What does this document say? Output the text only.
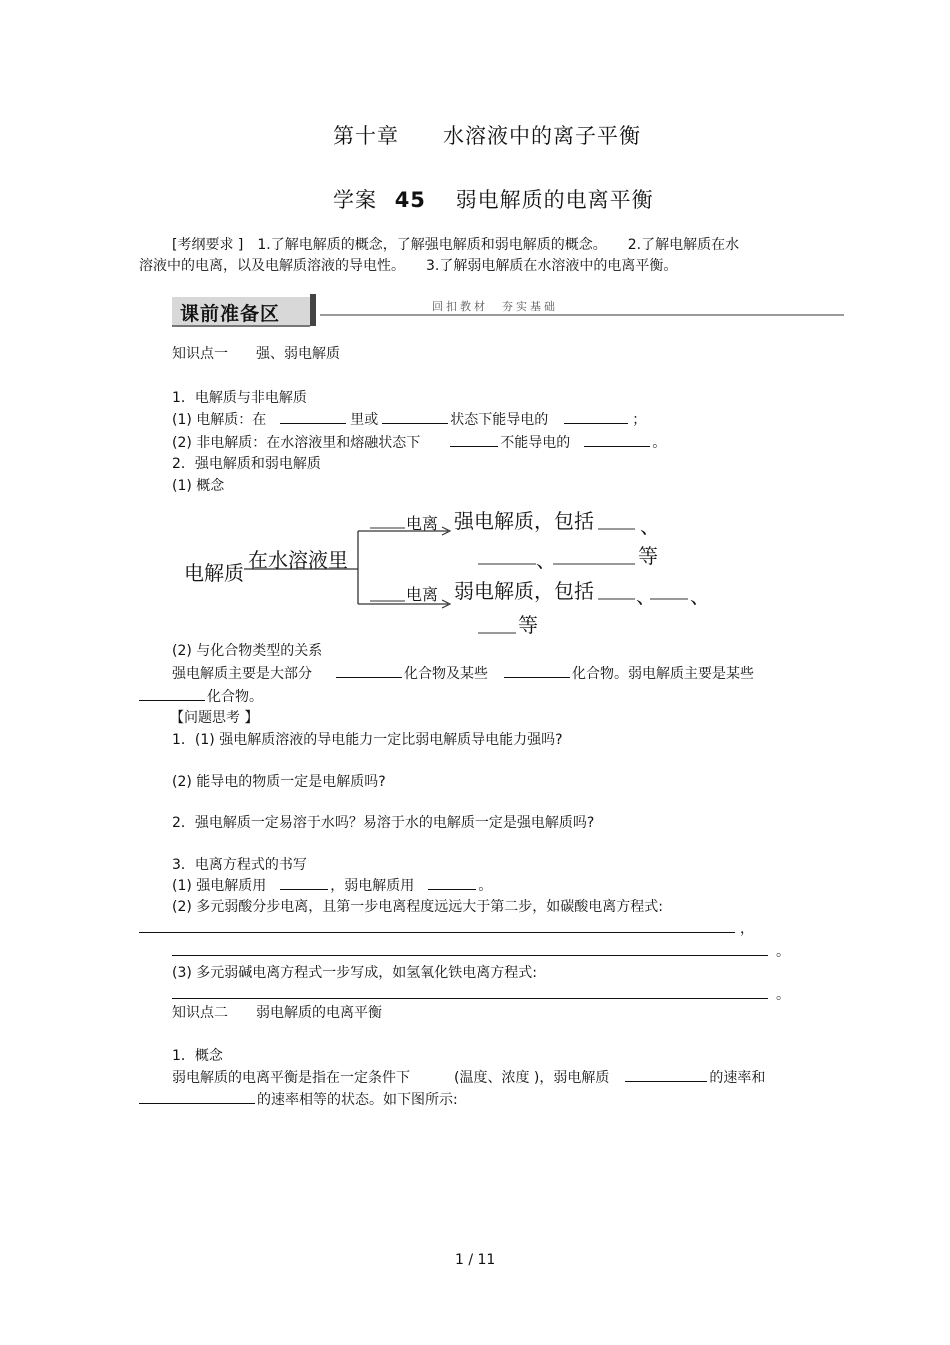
第十章　　水溶液中的离子平衡
学案 45 弱电解质的电离平衡
[考纲要求 ]　1.了解电解质的概念，了解强电解质和弱电解质的概念。　　2.了解电解质在水
溶液中的电离，以及电解质溶液的导电性。　　3.了解弱电解质在水溶液中的电离平衡。
课前准备区	回扣教材　夯实基础
知识点一　　强、弱电解质
1．电解质与非电解质
(1) 电解质：在	里或	状态下能导电的	；
(2) 非电解质：在水溶液里和熔融状态下	不能导电的	。
2．强电解质和弱电解质
(1) 概念
电解质
在水溶液里
电离
电离
强电解质，包括
弱电解质，包括
、
、	等
、 、
等
(2) 与化合物类型的关系
强电解质主要是大部分	化合物及某些	化合物。弱电解质主要是某些
化合物。
【问题思考 】
1．(1) 强电解质溶液的导电能力一定比弱电解质导电能力强吗?
(2) 能导电的物质一定是电解质吗?
2．强电解质一定易溶于水吗？易溶于水的电解质一定是强电解质吗?
3．电离方程式的书写
(1) 强电解质用	，弱电解质用	。
(2) 多元弱酸分步电离，且第一步电离程度远远大于第二步，如碳酸电离方程式:
，
。
(3) 多元弱碱电离方程式一步写成，如氢氧化铁电离方程式:
。
知识点二　　弱电解质的电离平衡
1．概念
弱电解质的电离平衡是指在一定条件下	(温度、浓度 )，弱电解质	的速率和
的速率相等的状态。如下图所示:
1 / 11
